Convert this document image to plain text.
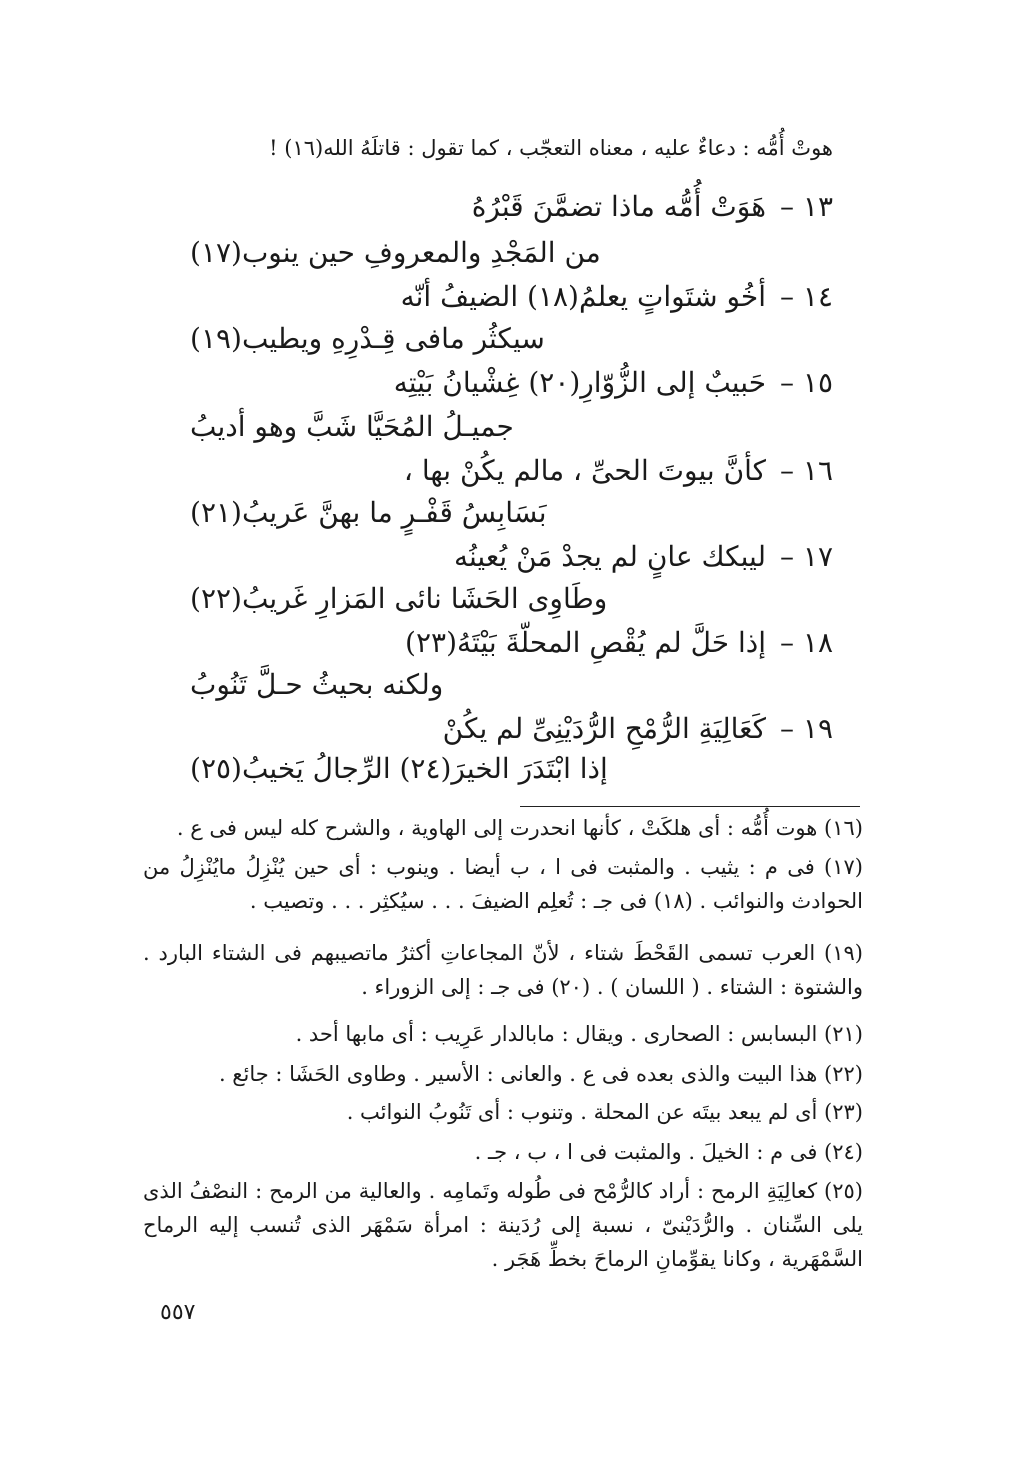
هوتْ أُمُّه : دعاءٌ عليه ، معناه التعجّب ، كما تقول : قاتلَهُ الله(١٦) !
١٣ –هَوَتْ أُمُّه ماذا تضمَّنَ قَبْرُهُ
من المَجْدِ والمعروفِ حين ينوب(١٧)
١٤ –أخُو شتَواتٍ يعلمُ(١٨) الضيفُ أنّه
سيكثُر مافى قِـدْرِهِ ويطيب(١٩)
١٥ –حَبيبٌ إلى الزُّوّارِ(٢٠) غِشْيانُ بَيْتِه
جميـلُ المُحَيَّا شَبَّ وهو أديبُ
١٦ –كأنَّ بيوتَ الحىِّ ، مالم يكُنْ بها ،
بَسَابِسُ قَفْـرٍ ما بهنَّ عَريبُ(٢١)
١٧ –ليبكك عانٍ لم يجدْ مَنْ يُعينُه
وطَاوِى الحَشَا نائى المَزارِ غَريبُ(٢٢)
١٨ –إذا حَلَّ لم يُقْصِ المحلّةَ بَيْتَهُ(٢٣)
ولكنه بحيثُ حـلَّ تَنُوبُ
١٩ –كَعَالِيَةِ الرُّمْحِ الرُّدَيْنِىِّ لم يكُنْ
إذا ابْتَدَرَ الخيرَ(٢٤) الرِّجالُ يَخيبُ(٢٥)
(١٦) هوت أُمُّه : أى هلكَتْ ، كأنها انحدرت إلى الهاوية ، والشرح كله ليس فى ع .
(١٧) فى م : يثيب . والمثبت فى ا ، ب أيضا . وينوب : أى حين يُنْزِلُ مايُنْزِلُ من الحوادث والنوائب . (١٨) فى جـ : تُعلِم الضيفَ . . . سيُكثِر . . . وتصيب .
(١٩) العرب تسمى القَحْطَ شتاء ، لأنّ المجاعاتِ أكثرُ ماتصيبهم فى الشتاء البارد . والشتوة : الشتاء . ( اللسان ) . (٢٠) فى جـ : إلى الزوراء .
(٢١) البسابس : الصحارى . ويقال : مابالدار عَرِيب : أى مابها أحد .
(٢٢) هذا البيت والذى بعده فى ع . والعانى : الأسير . وطاوى الحَشَا : جائع .
(٢٣) أى لم يبعد بيتَه عن المحلة . وتنوب : أى تَنُوبُ النوائب .
(٢٤) فى م : الخيلَ . والمثبت فى ا ، ب ، جـ .
(٢٥) كعالِيَةِ الرمح : أراد كالرُّمْح فى طُوله وتَمامِه . والعالية من الرمح : النصْفُ الذى يلى السِّنان . والرُّدَيْنىّ ، نسبة إلى رُدَينة : امرأة سَمْهَر الذى تُنسب إليه الرماح السَّمْهَرية ، وكانا يقوِّمانِ الرماحَ بخطِّ هَجَر .
٥٥٧
